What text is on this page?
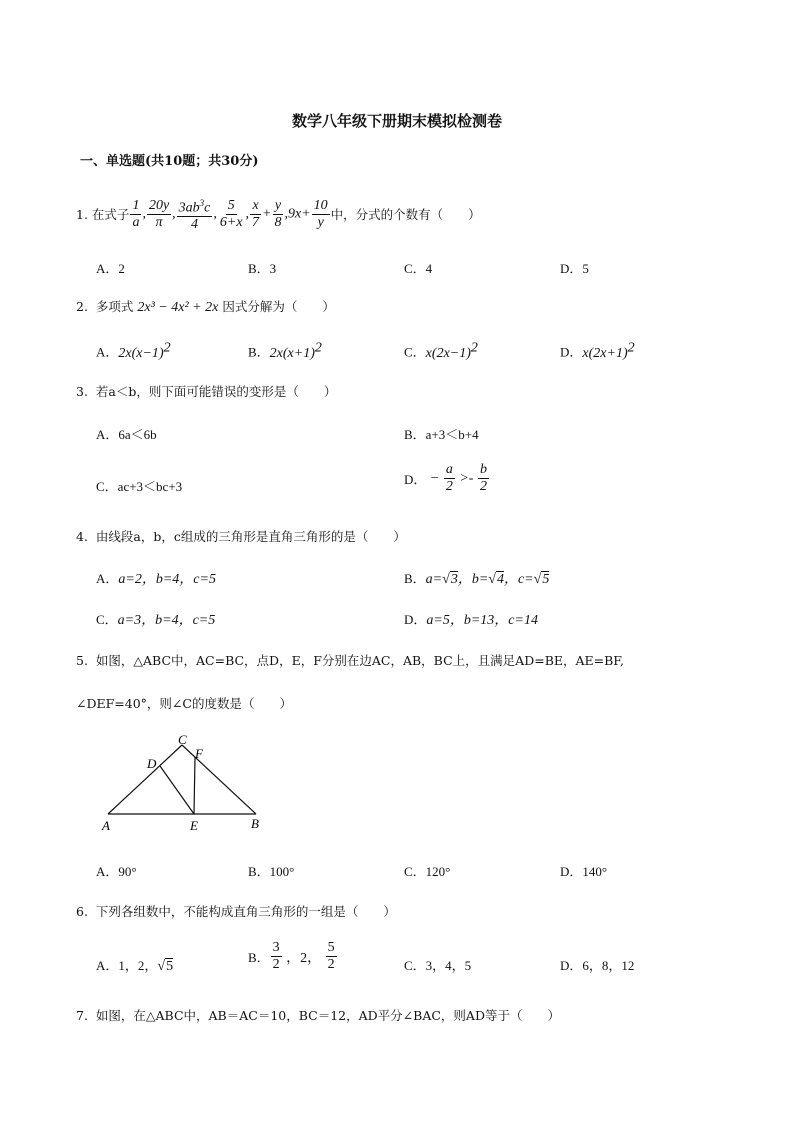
数学八年级下册期末模拟检测卷
一、单选题(共10题；共30分)
1.
在式子 $\frac{1}{a}$ , $\frac{20y}{\pi}$ , $\frac{3ab^3c}{4}$ , $\frac{5}{6+x}$ , $\frac{x}{7} + \frac{y}{8} ,9x+ \frac{10}{y}$ 中，分式的个数有（　　）
A．2	B．3	C．4	D．5
2. 多项式 2x³ − 4x² + 2x 因式分解为（　　）
A．$2x(x-1)^2$	B．$2x(x+1)^2$	C．$x(2x-1)^2$	D．$x(2x+1)^2$
3. 若a＜b，则下面可能错误的变形是（　　）
A．6a＜6b	B．a+3＜b+4
C．ac+3＜bc+3	D． − $\frac{a}{2} >- \frac{b}{2}$
4. 由线段a，b，c组成的三角形是直角三角形的是（　　）
A．a=2，b=4，c=5	B．a=√3，b=√4，c=√5
C．a=3，b=4，c=5	D．a=5，b=13，c=14
5. 如图，△ABC中，AC=BC，点D，E，F分别在边AC，AB，BC上，且满足AD=BE，AE=BF,
∠DEF=40°，则∠C的度数是（　　）
C
F
D
A	E	B
A．90°	B．100°	C．120°	D．140°
6. 下列各组数中，不能构成直角三角形的一组是（　　）
A．1，2，√5
B． $\frac{3}{2}$ ，2， $\frac{5}{2}$	C．3，4，5	D．6，8，12
7. 如图，在△ABC中，AB＝AC＝10，BC＝12，AD平分∠BAC，则AD等于（　　）
